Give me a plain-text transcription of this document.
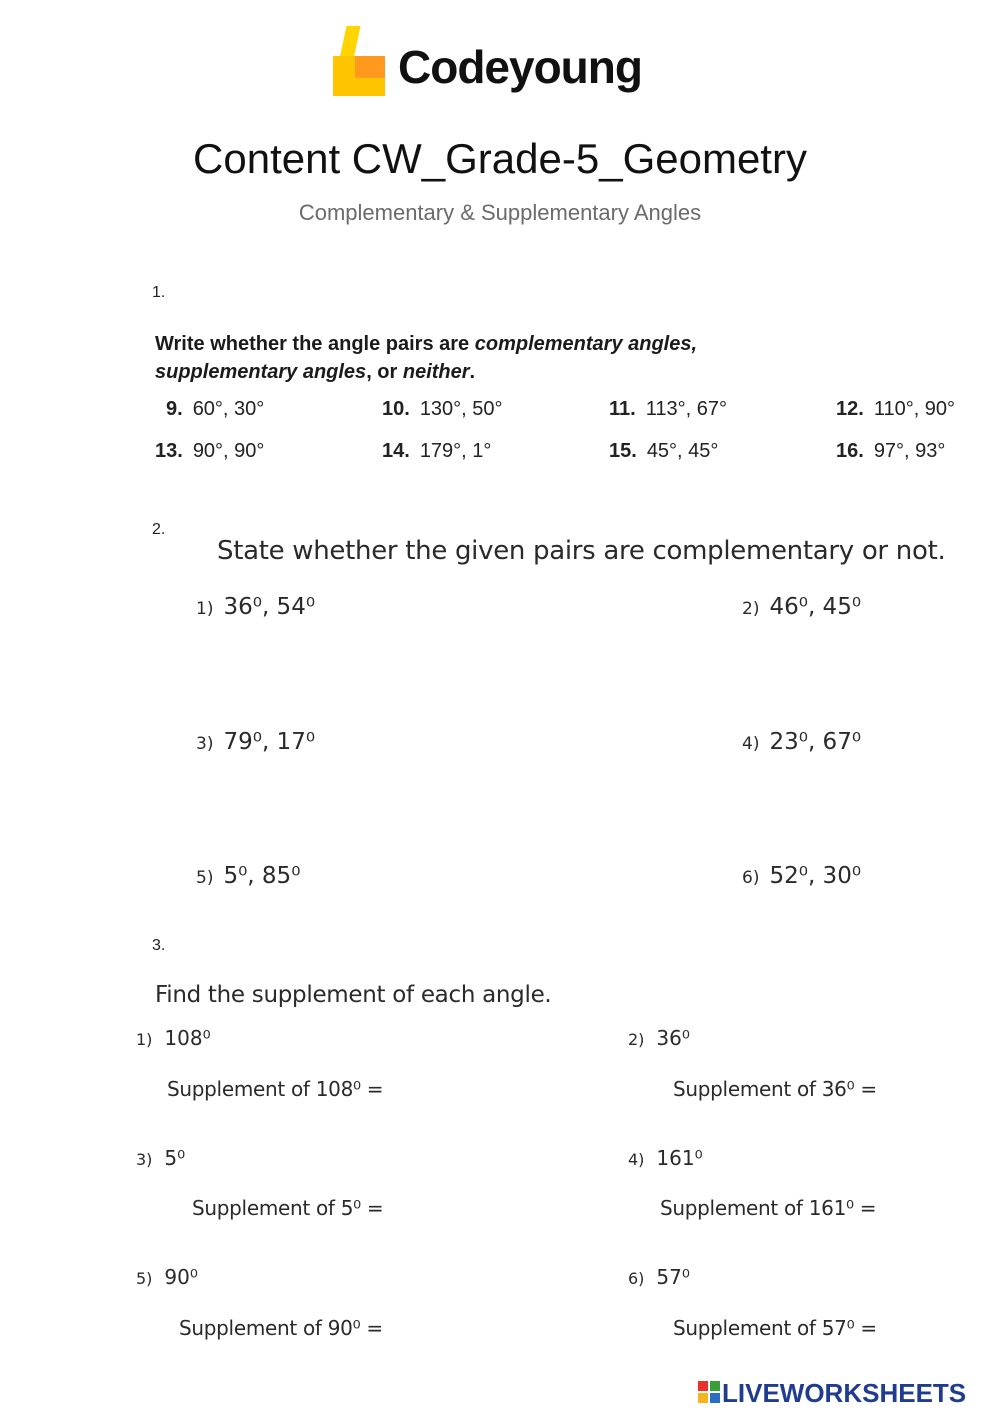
Codeyoung
Content CW_Grade-5_Geometry
Complementary & Supplementary Angles
1.
Write whether the angle pairs are complementary angles,
supplementary angles, or neither.
9. 60°, 30°	10. 130°, 50°	11. 113°, 67°	12. 110°, 90°
13. 90°, 90°	14. 179°, 1°	15. 45°, 45°	16. 97°, 93°
2.
State whether the given pairs are complementary or not.
1) 36⁰, 54⁰	2) 46⁰, 45⁰
3) 79⁰, 17⁰	4) 23⁰, 67⁰
5) 5⁰, 85⁰	6) 52⁰, 30⁰
3.
Find the supplement of each angle.
1) 108⁰
Supplement of 108⁰ =
2) 36⁰
Supplement of 36⁰ =
3) 5⁰
Supplement of 5⁰ =
4) 161⁰
Supplement of 161⁰ =
5) 90⁰
Supplement of 90⁰ =
6) 57⁰
Supplement of 57⁰ =
LIVEWORKSHEETS
